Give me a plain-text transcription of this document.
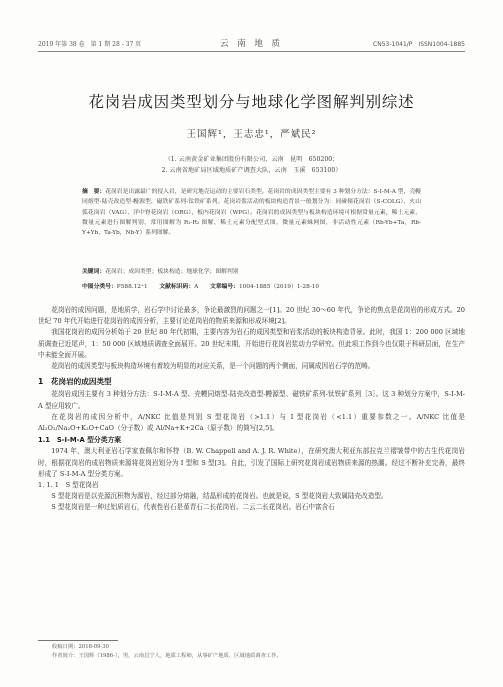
2019 年第 38 卷　第 1 期 28 - 37 页	云 南 地 质	CN53-1041/P　ISSN1004-1885
花岗岩成因类型划分与地球化学图解判别综述
王国辉¹，王志忠¹，严斌民²
（1. 云南黄金矿业集团股份有限公司，云南　昆明　650200；
2. 云南省地矿局区域地质矿产调查大队，云南　玉溪　653100）
摘　要：花岗岩是出露最广的侵入岩，是研究地壳运动的主要岩石类型。花岗岩的成因类型主要有 3 种划分方法：S-I-M-A 型，壳幔同熔型-陆壳改造型-幔源型，磁铁矿系列-钛铁矿系列。花岗岩浆活动的板块构造背景一般划分为：同碰撞花岗岩（S-COLG）、火山弧花岗岩（VAG）、洋中脊花岗岩（ORG）、板内花岗岩（WPG）。花岗岩的成因类型与板块构造环境可根据常量元素，稀土元素，微量元素进行图解判别，常用图解为 R₁-R₂ 图解，稀土元素分配型式图，微量元素蛛网图，非活动性元素（Rb-Yb+Ta，Rb-Y+Yb，Ta-Yb，Nb-Y）系列图解。
关键词：花岗岩；成因类型；板块构造；地球化学；图解判别
中图分类号：P588.12⁺1　　 文献标识码：A　　 文章编号：1004-1885（2019）1-28-10

花岗岩的成因问题，是地质学，岩石学中讨论最多，争论最激烈的问题之一[1]。20 世纪 30～60 年代，争论的焦点是花岗岩的形成方式。20 世纪 70 年代开始进行花岗岩的成因分析，主要讨论花岗岩的物质来源和形成环境[2]。

我国花岗岩的成因分析始于 20 世纪 80 年代初期，主要内容为岩石的成因类型和岩浆活动的板块构造背景。此时，我国 1：200 000 区域地质调查已近尾声，1：50 000 区域地质调查全面展开。20 世纪末期，开始进行花岗岩浆动力学研究。但此项工作到今也仅限于科研层面，在生产中未能全面开展。

花岗岩的成因类型与板块构造环境有着较为明显的对应关系，是一个问题的两个侧面，同属成因岩石学的范畴。

1　花岗岩的成因类型

花岗岩成因主要有 3 种划分方法：S-I-M-A 型、壳幔同熔型-陆壳改造型-幔源型、磁铁矿系列-钛铁矿系列［3］。这 3 种划分方案中，S-I-M-A 型应用较广。

在花岗岩的成因分析中，A/NKC 比值是判别 S 型花岗岩（>1.1）与 I 型花岗岩（<1.1）重要参数之一。A/NKC 比值是 Al₂O₃/Na₂O+K₂O+CaO（分子数）或 Al/Na+K+2Ca（原子数）的简写[2,5]。

1.1　S-I-M-A 型分类方案

1974 年，澳大利亚岩石学家查佩尔和怀特（B. W. Chappell and A. J. R. White），在研究澳大利亚东部拉克兰褶皱带中的古生代花岗岩时，根据花岗岩的成岩物质来源将花岗岩划分为 I 型和 S 型[3]。自此，引发了国际上研究花岗岩成岩物质来源的热潮。经过不断补充完善，最终形成了 S-I-M-A 型分类方案。

1. 1. 1　S 型花岗岩

S 型花岗岩是以壳源沉积物为源岩，经过部分熔融，结晶形成的花岗岩。也就是说，S 型花岗岩大致属陆壳改造型。

S 型花岗岩是一种过铝质岩石，代表性岩石是堇青石二长花岗岩、二云二长花岗岩。岩石中富含石

收稿日期：2018-09-30
作者简介：王国辉（1986-），男，云南昌宁人，地质工程师，从事矿产地质、区域地质调查工作。
